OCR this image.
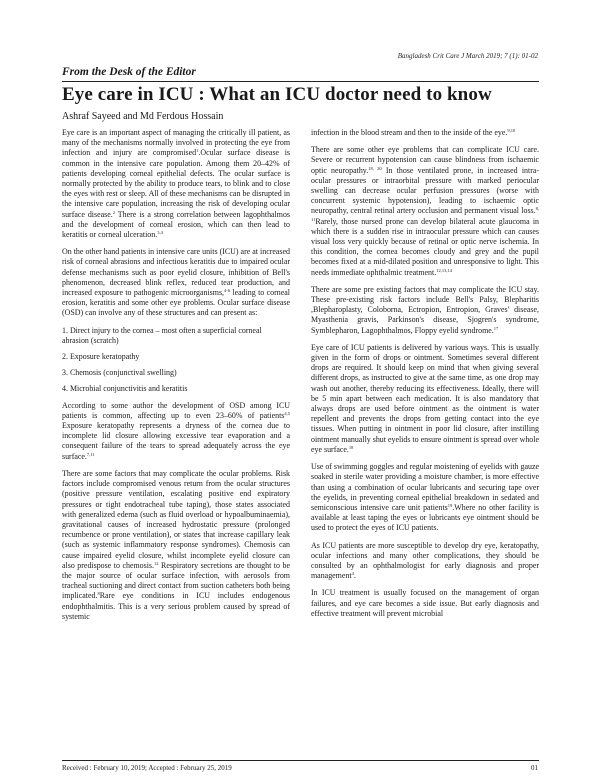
Bangladesh Crit Care J March 2019; 7 (1): 01-02
From the Desk of the Editor
Eye care in ICU : What an ICU doctor need to know
Ashraf Sayeed and Md Ferdous Hossain

Eye care is an important aspect of managing the critically ill patient, as many of the mechanisms normally involved in protecting the eye from infection and injury are compromised$^1$.Ocular surface disease is common in the intensive care population. Among them 20–42% of patients developing corneal epithelial defects. The ocular surface is normally protected by the ability to produce tears, to blink and to close the eyes with rest or sleep. All of these mechanisms can be disrupted in the intensive care population, increasing the risk of developing ocular surface disease.$^2$ There is a strong correlation between lagophthalmos and the development of corneal erosion, which can then lead to keratitis or corneal ulceration.$^{3,4}$

On the other hand patients in intensive care units (ICU) are at increased risk of corneal abrasions and infectious keratitis due to impaired ocular defense mechanisms such as poor eyelid closure, inhibition of Bell's phenomenon, decreased blink reflex, reduced tear production, and increased exposure to pathogenic microorganisms,$^{4-6}$ leading to corneal erosion, keratitis and some other eye problems. Ocular surface disease (OSD) can involve any of these structures and can present as:

1. Direct injury to the cornea – most often a superficial corneal abrasion (scratch)

2. Exposure keratopathy

3. Chemosis (conjunctival swelling)

4. Microbial conjunctivitis and keratitis

According to some author the development of OSD among ICU patients is common, affecting up to even 23–60% of patients$^{4,5}$ Exposure keratopathy represents a dryness of the cornea due to incomplete lid closure allowing excessive tear evaporation and a consequent failure of the tears to spread adequately across the eye surface.$^{7,11}$

There are some factors that may complicate the ocular problems. Risk factors include compromised venous return from the ocular structures (positive pressure ventilation, escalating positive end expiratory pressures or tight endotracheal tube taping), those states associated with generalized edema (such as fluid overload or hypoalbuminaemia), gravitational causes of increased hydrostatic pressure (prolonged recumbence or prone ventilation), or states that increase capillary leak (such as systemic inflammatory response syndromes). Chemosis can cause impaired eyelid closure, whilst incomplete eyelid closure can also predispose to chemosis.$^{12}$ Respiratory secretions are thought to be the major source of ocular surface infection, with aerosols from tracheal suctioning and direct contact from suction catheters both being implicated.$^8$Rare eye conditions in ICU includes endogenous endophthalmitis. This is a very serious problem caused by spread of systemic

infection in the blood stream and then to the inside of the eye.$^{9,10}$

There are some other eye problems that can complicate ICU care. Severe or recurrent hypotension can cause blindness from ischaemic optic neuropathy.$^{18, 20}$ In those ventilated prone, in increased intra-ocular pressures or intraorbital pressure with marked periocular swelling can decrease ocular perfusion pressures (worse with concurrent systemic hypotension), leading to ischaemic optic neuropathy, central retinal artery occlusion and permanent visual loss.$^{8, 11}$Rarely, those nursed prone can develop bilateral acute glaucoma in which there is a sudden rise in intraocular pressure which can causes visual loss very quickly because of retinal or optic nerve ischemia. In this condition, the cornea becomes cloudy and grey and the pupil becomes fixed at a mid-dilated position and unresponsive to light. This needs immediate ophthalmic treatment.$^{12,13,14}$

There are some pre existing factors that may complicate the ICU stay. These pre-existing risk factors include Bell's Palsy, Blepharitis ,Blepharoplasty, Coloborna, Ectropion, Entropion, Graves' disease, Myasthenia gravis, Parkinson's disease, Sjogren's syndrome, Symblepharon, Lagophthalmos, Floppy eyelid syndrome.$^{17}$

Eye care of ICU patients is delivered by various ways. This is usually given in the form of drops or ointment. Sometimes several different drops are required. It should keep on mind that when giving several different drops, as instructed to give at the same time, as one drop may wash out another, thereby reducing its effectiveness. Ideally, there will be 5 min apart between each medication. It is also mandatory that always drops are used before ointment as the ointment is water repellent and prevents the drops from getting contact into the eye tissues. When putting in ointment in poor lid closure, after instilling ointment manually shut eyelids to ensure ointment is spread over whole eye surface.$^{18}$

Use of swimming goggles and regular moistening of eyelids with gauze soaked in sterile water providing a moisture chamber, is more effective than using a combination of ocular lubricants and securing tape over the eyelids, in preventing corneal epithelial breakdown in sedated and semiconscious intensive care unit patients$^{19}$.Where no other facility is available at least taping the eyes or lubricants eye ointment should be used to protect the eyes of ICU patients.

As ICU patients are more susceptible to develop dry eye, keratopathy, ocular infections and many other complications, they should be consulted by an ophthalmologist for early diagnosis and proper management$^4$.

In ICU treatment is usually focused on the management of organ failures, and eye care becomes a side issue. But early diagnosis and effective treatment will prevent microbial

Received : February 10, 2019; Accepted : February 25, 2019	01
